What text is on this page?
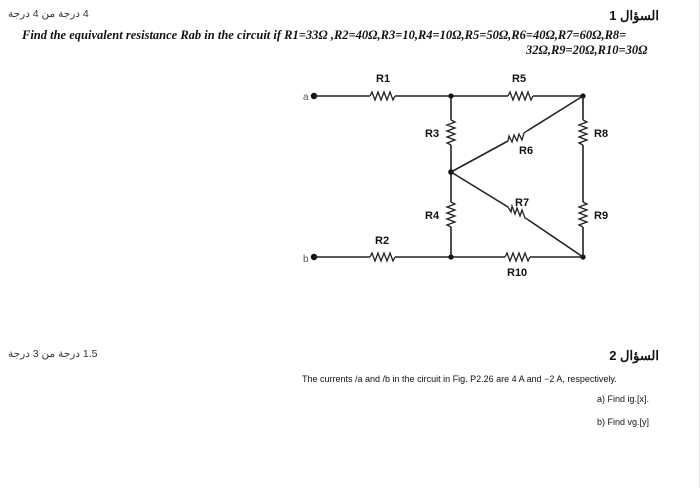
4 درجة من 4 درجة	السؤال 1
Find the equivalent resistance Rab in the circuit if R1=33Ω ,R2=40Ω,R3=10,R4=10Ω,R5=50Ω,R6=40Ω,R7=60Ω,R8=
32Ω,R9=20Ω,R10=30Ω
a
b
R1	R5
R3
R6
R8
R7
R4	R9
R2
R10
1.5 درجة من 3 درجة	السؤال 2
The currents /a and /b in the circuit in Fig. P2.26 are 4 A and −2 A, respectively.
a) Find ig.[x].
b) Find vg.[y]
